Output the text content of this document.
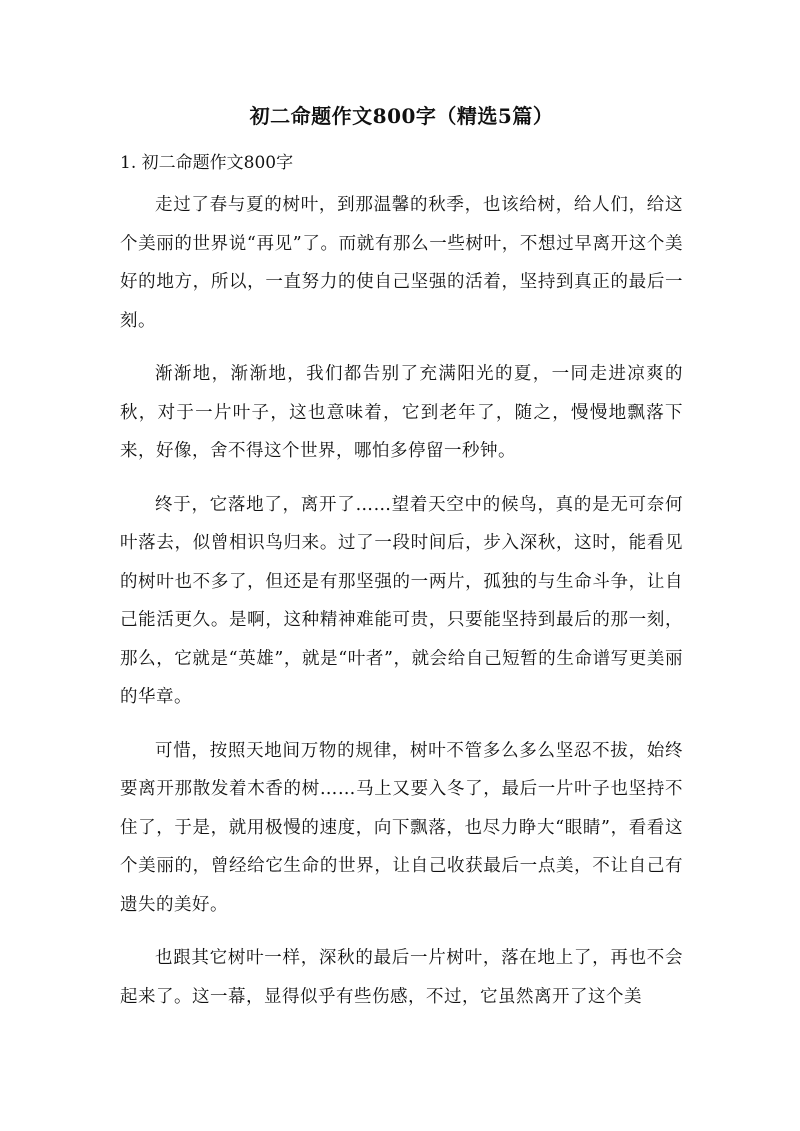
初二命题作文800字（精选5篇）
1. 初二命题作文800字

走过了春与夏的树叶，到那温馨的秋季，也该给树，给人们，给这个美丽的世界说“再见”了。而就有那么一些树叶，不想过早离开这个美好的地方，所以，一直努力的使自己坚强的活着，坚持到真正的最后一刻。

渐渐地，渐渐地，我们都告别了充满阳光的夏，一同走进凉爽的秋，对于一片叶子，这也意味着，它到老年了，随之，慢慢地飘落下来，好像，舍不得这个世界，哪怕多停留一秒钟。

终于，它落地了，离开了……望着天空中的候鸟，真的是无可奈何叶落去，似曾相识鸟归来。过了一段时间后，步入深秋，这时，能看见的树叶也不多了，但还是有那坚强的一两片，孤独的与生命斗争，让自己能活更久。是啊，这种精神难能可贵，只要能坚持到最后的那一刻，那么，它就是“英雄”，就是“叶者”，就会给自己短暂的生命谱写更美丽的华章。

可惜，按照天地间万物的规律，树叶不管多么多么坚忍不拔，始终要离开那散发着木香的树……马上又要入冬了，最后一片叶子也坚持不住了，于是，就用极慢的速度，向下飘落，也尽力睁大“眼睛”，看看这个美丽的，曾经给它生命的世界，让自己收获最后一点美，不让自己有遗失的美好。

也跟其它树叶一样，深秋的最后一片树叶，落在地上了，再也不会起来了。这一幕，显得似乎有些伤感，不过，它虽然离开了这个美
